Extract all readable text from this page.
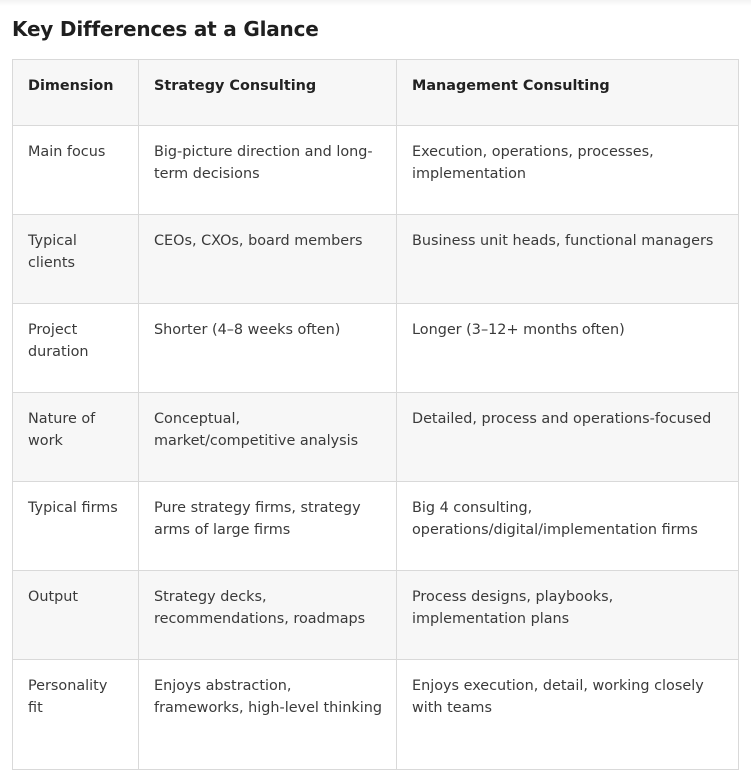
Key Differences at a Glance
Dimension	Strategy Consulting	Management Consulting
Main focus	Big-picture direction and long-term decisions	Execution, operations, processes, implementation
Typical clients	CEOs, CXOs, board members	Business unit heads, functional managers
Project duration	Shorter (4–8 weeks often)	Longer (3–12+ months often)
Nature of work	Conceptual, market/competitive analysis	Detailed, process and operations-focused
Typical firms	Pure strategy firms, strategy arms of large firms	Big 4 consulting, operations/digital/implementation firms
Output	Strategy decks, recommendations, roadmaps	Process designs, playbooks, implementation plans
Personality fit	Enjoys abstraction, frameworks, high-level thinking	Enjoys execution, detail, working closely with teams
